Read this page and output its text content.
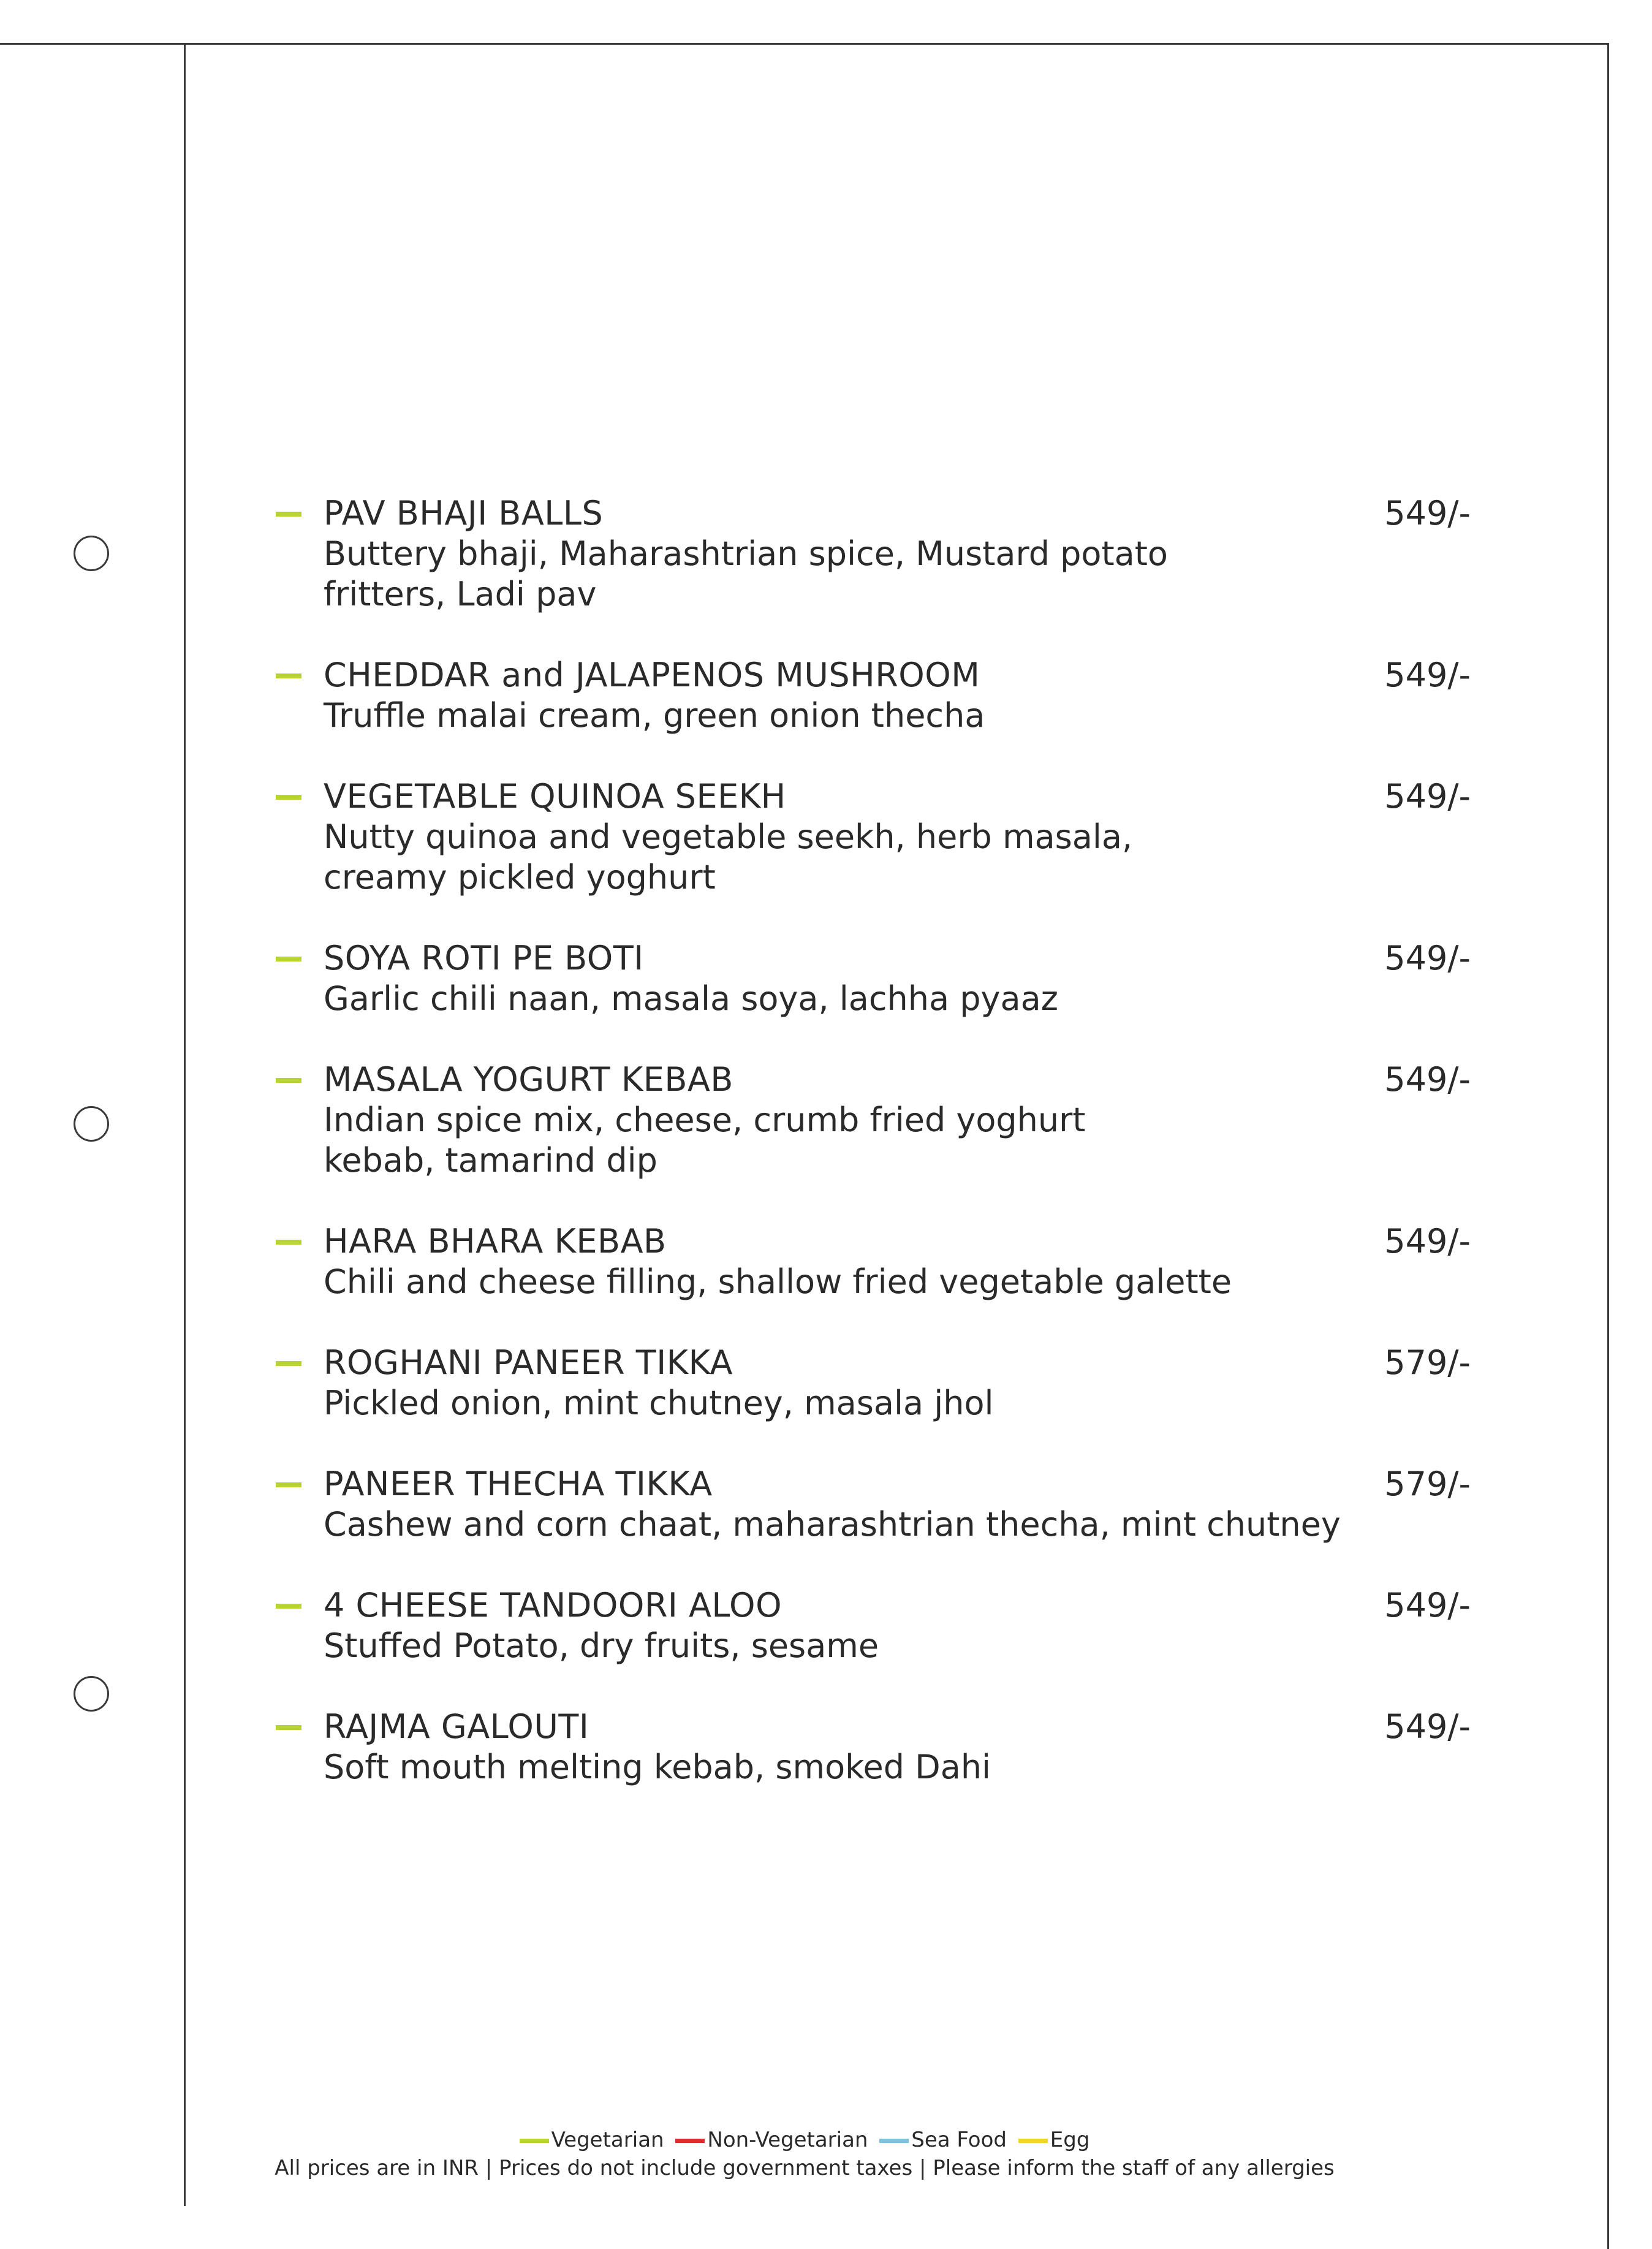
PAV BHAJI BALLS
Buttery bhaji, Maharashtrian spice, Mustard potato fritters, Ladi pav
549/-
CHEDDAR and JALAPENOS MUSHROOM
Truffle malai cream, green onion thecha
549/-
VEGETABLE QUINOA SEEKH
Nutty quinoa and vegetable seekh, herb masala, creamy pickled yoghurt
549/-
SOYA ROTI PE BOTI
Garlic chili naan, masala soya, lachha pyaaz
549/-
MASALA YOGURT KEBAB
Indian spice mix, cheese, crumb fried yoghurt kebab, tamarind dip
549/-
HARA BHARA KEBAB
Chili and cheese filling, shallow fried vegetable galette
549/-
ROGHANI PANEER TIKKA
Pickled onion, mint chutney, masala jhol
579/-
PANEER THECHA TIKKA
Cashew and corn chaat, maharashtrian thecha, mint chutney
579/-
4 CHEESE TANDOORI ALOO
Stuffed Potato, dry fruits, sesame
549/-
RAJMA GALOUTI
Soft mouth melting kebab, smoked Dahi
549/-
Vegetarian Non-Vegetarian Sea Food Egg
All prices are in INR | Prices do not include government taxes | Please inform the staff of any allergies
